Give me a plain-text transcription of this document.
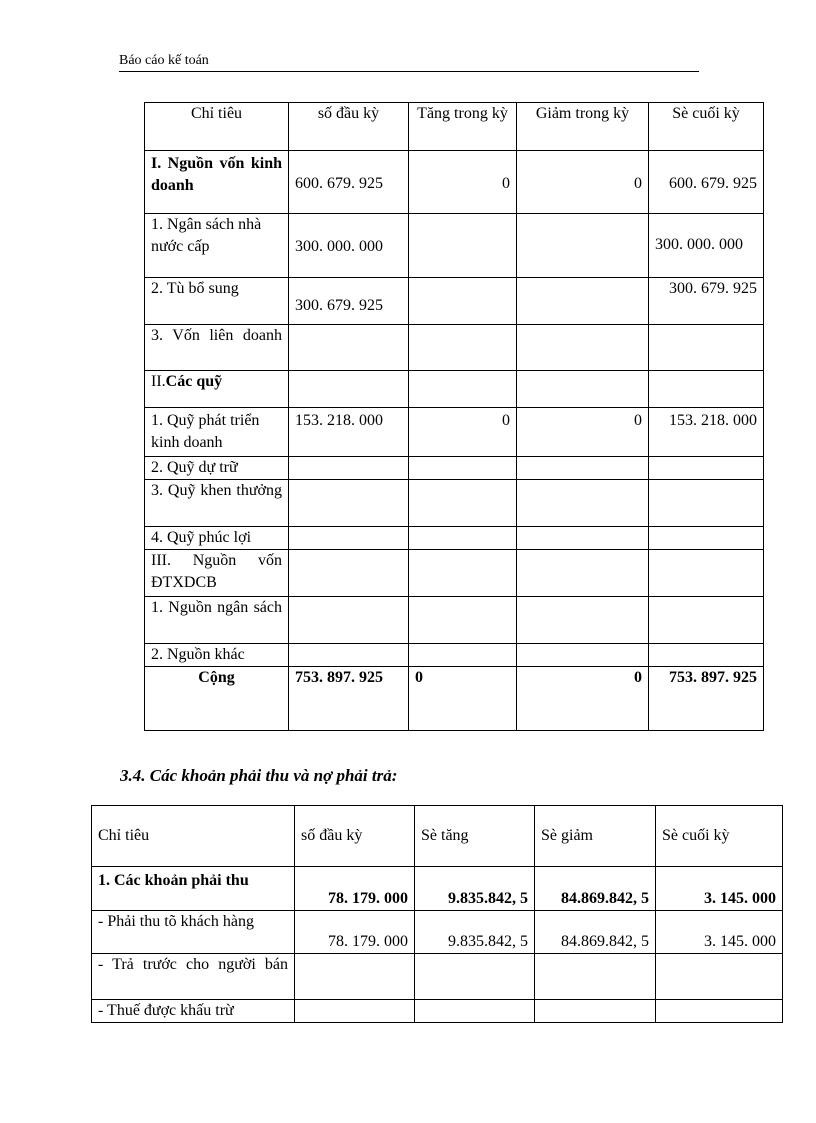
Báo cáo kế toán
Chỉ tiêu	số đầu kỳ	Tăng trong kỳ	Giảm trong kỳ	Sè cuối kỳ
I. Nguồn vốn kinh doanh	600. 679. 925	0	0	600. 679. 925
1. Ngân sách nhà nước cấp	300. 000. 000			300. 000. 000
2. Tù bổ sung	300. 679. 925			300. 679. 925
3. Vốn liên doanh				
II.Các quỹ				
1. Quỹ phát triển kinh doanh	153. 218. 000	0	0	153. 218. 000
2. Quỹ dự trữ				
3. Quỹ khen thưởng				
4. Quỹ phúc lợi				
III. Nguồn vốn ĐTXDCB				
1. Nguồn ngân sách				
2. Nguồn khác				
Cộng	753. 897. 925	0	0	753. 897. 925
3.4. Các khoản phải thu và nợ phải trả:
Chỉ tiêu	số đầu kỳ	Sè tăng	Sè giảm	Sè cuối kỳ
1. Các khoản phải thu	78. 179. 000	9.835.842, 5	84.869.842, 5	3. 145. 000
- Phải thu tõ khách hàng	78. 179. 000	9.835.842, 5	84.869.842, 5	3. 145. 000
- Trả trước cho người bán				
- Thuế được khấu trừ				
